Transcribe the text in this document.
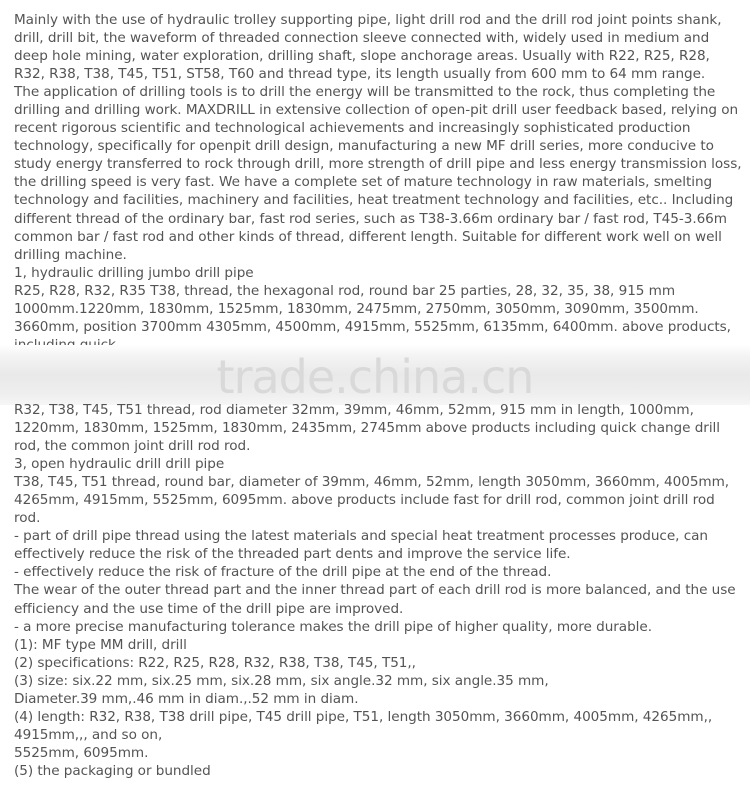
Mainly with the use of hydraulic trolley supporting pipe, light drill rod and the drill rod joint points shank, drill, drill bit, the waveform of threaded connection sleeve connected with, widely used in medium and deep hole mining, water exploration, drilling shaft, slope anchorage areas. Usually with R22, R25, R28, R32, R38, T38, T45, T51, ST58, T60 and thread type, its length usually from 600 mm to 64 mm range.

The application of drilling tools is to drill the energy will be transmitted to the rock, thus completing the drilling and drilling work. MAXDRILL in extensive collection of open-pit drill user feedback based, relying on recent rigorous scientific and technological achievements and increasingly sophisticated production technology, specifically for openpit drill design, manufacturing a new MF drill series, more conducive to study energy transferred to rock through drill, more strength of drill pipe and less energy transmission loss, the drilling speed is very fast. We have a complete set of mature technology in raw materials, smelting technology and facilities, machinery and facilities, heat treatment technology and facilities, etc.. Including different thread of the ordinary bar, fast rod series, such as T38-3.66m ordinary bar / fast rod, T45-3.66m common bar / fast rod and other kinds of thread, different length. Suitable for different work well on well drilling machine.

1, hydraulic drilling jumbo drill pipe

R25, R28, R32, R35 T38, thread, the hexagonal rod, round bar 25 parties, 28, 32, 35, 38, 915 mm 1000mm.1220mm, 1830mm, 1525mm, 1830mm, 2475mm, 2750mm, 3050mm, 3090mm, 3500mm. 3660mm, position 3700mm 4305mm, 4500mm, 4915mm, 5525mm, 6135mm, 6400mm. above products,

trade.china.cn

R32, T38, T45, T51 thread, rod diameter 32mm, 39mm, 46mm, 52mm, 915 mm in length, 1000mm, 1220mm, 1830mm, 1525mm, 1830mm, 2435mm, 2745mm above products including quick change drill rod, the common joint drill rod rod.

3, open hydraulic drill drill pipe

T38, T45, T51 thread, round bar, diameter of 39mm, 46mm, 52mm, length 3050mm, 3660mm, 4005mm, 4265mm, 4915mm, 5525mm, 6095mm. above products include fast for drill rod, common joint drill rod rod.

- part of drill pipe thread using the latest materials and special heat treatment processes produce, can effectively reduce the risk of the threaded part dents and improve the service life.

- effectively reduce the risk of fracture of the drill pipe at the end of the thread.

The wear of the outer thread part and the inner thread part of each drill rod is more balanced, and the use efficiency and the use time of the drill pipe are improved.

- a more precise manufacturing tolerance makes the drill pipe of higher quality, more durable.

(1): MF type MM drill, drill

(2) specifications: R22, R25, R28, R32, R38, T38, T45, T51,,

(3) size: six.22 mm, six.25 mm, six.28 mm, six angle.32 mm, six angle.35 mm,

Diameter.39 mm,.46 mm in diam.,.52 mm in diam.

(4) length: R32, R38, T38 drill pipe, T45 drill pipe, T51, length 3050mm, 3660mm, 4005mm, 4265mm,, 4915mm,,, and so on,

5525mm, 6095mm.

(5) the packaging or bundled
